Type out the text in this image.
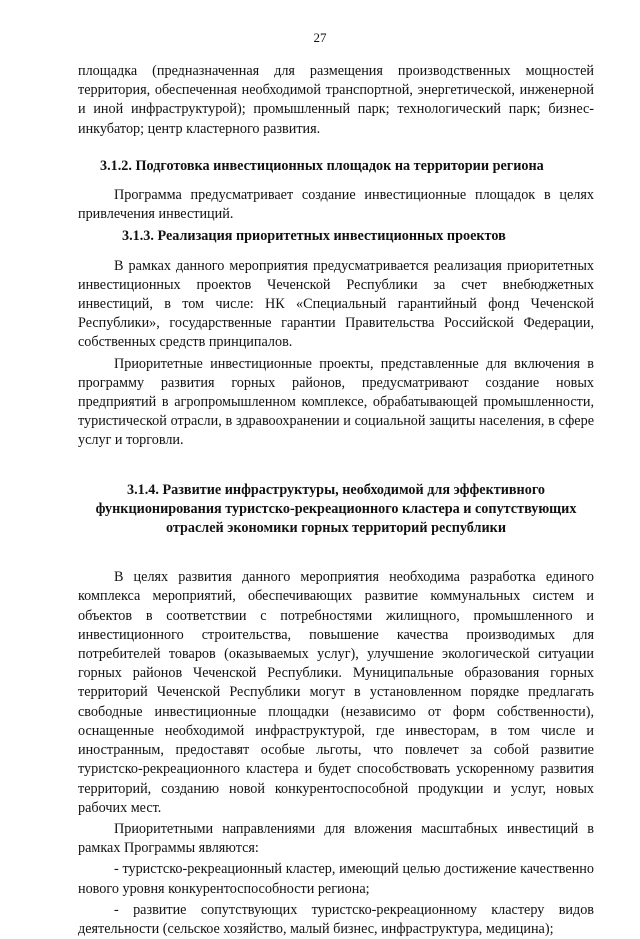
27

площадка (предназначенная для размещения производственных мощностей территория, обеспеченная необходимой транспортной, энергетической, инженерной и иной инфраструктурой); промышленный парк; технологический парк; бизнес-инкубатор; центр кластерного развития.

3.1.2. Подготовка инвестиционных площадок на территории региона

Программа предусматривает создание инвестиционные площадок в целях привлечения инвестиций.

3.1.3. Реализация приоритетных инвестиционных проектов

В рамках данного мероприятия предусматривается реализация приоритетных инвестиционных проектов Чеченской Республики за счет внебюджетных инвестиций, в том числе: НК «Специальный гарантийный фонд Чеченской Республики», государственные гарантии Правительства Российской Федерации, собственных средств принципалов.

Приоритетные инвестиционные проекты, представленные для включения в программу развития горных районов, предусматривают создание новых предприятий в агропромышленном комплексе, обрабатывающей промышленности, туристической отрасли, в здравоохранении и социальной защиты населения, в сфере услуг и торговли.

3.1.4. Развитие инфраструктуры, необходимой для эффективного функционирования туристско-рекреационного кластера и сопутствующих отраслей экономики горных территорий республики

В целях развития данного мероприятия необходима разработка единого комплекса мероприятий, обеспечивающих развитие коммунальных систем и объектов в соответствии с потребностями жилищного, промышленного и инвестиционного строительства, повышение качества производимых для потребителей товаров (оказываемых услуг), улучшение экологической ситуации горных районов Чеченской Республики. Муниципальные образования горных территорий Чеченской Республики могут в установленном порядке предлагать свободные инвестиционные площадки (независимо от форм собственности), оснащенные необходимой инфраструктурой, где инвесторам, в том числе и иностранным, предоставят особые льготы, что повлечет за собой развитие туристско-рекреационного кластера и будет способствовать ускоренному развития территорий, созданию новой конкурентоспособной продукции и услуг, новых рабочих мест.

Приоритетными направлениями для вложения масштабных инвестиций в рамках Программы являются:

- туристско-рекреационный кластер, имеющий целью достижение качественно нового уровня конкурентоспособности региона;

- развитие сопутствующих туристско-рекреационному кластеру видов деятельности (сельское хозяйство, малый бизнес, инфраструктура, медицина);
